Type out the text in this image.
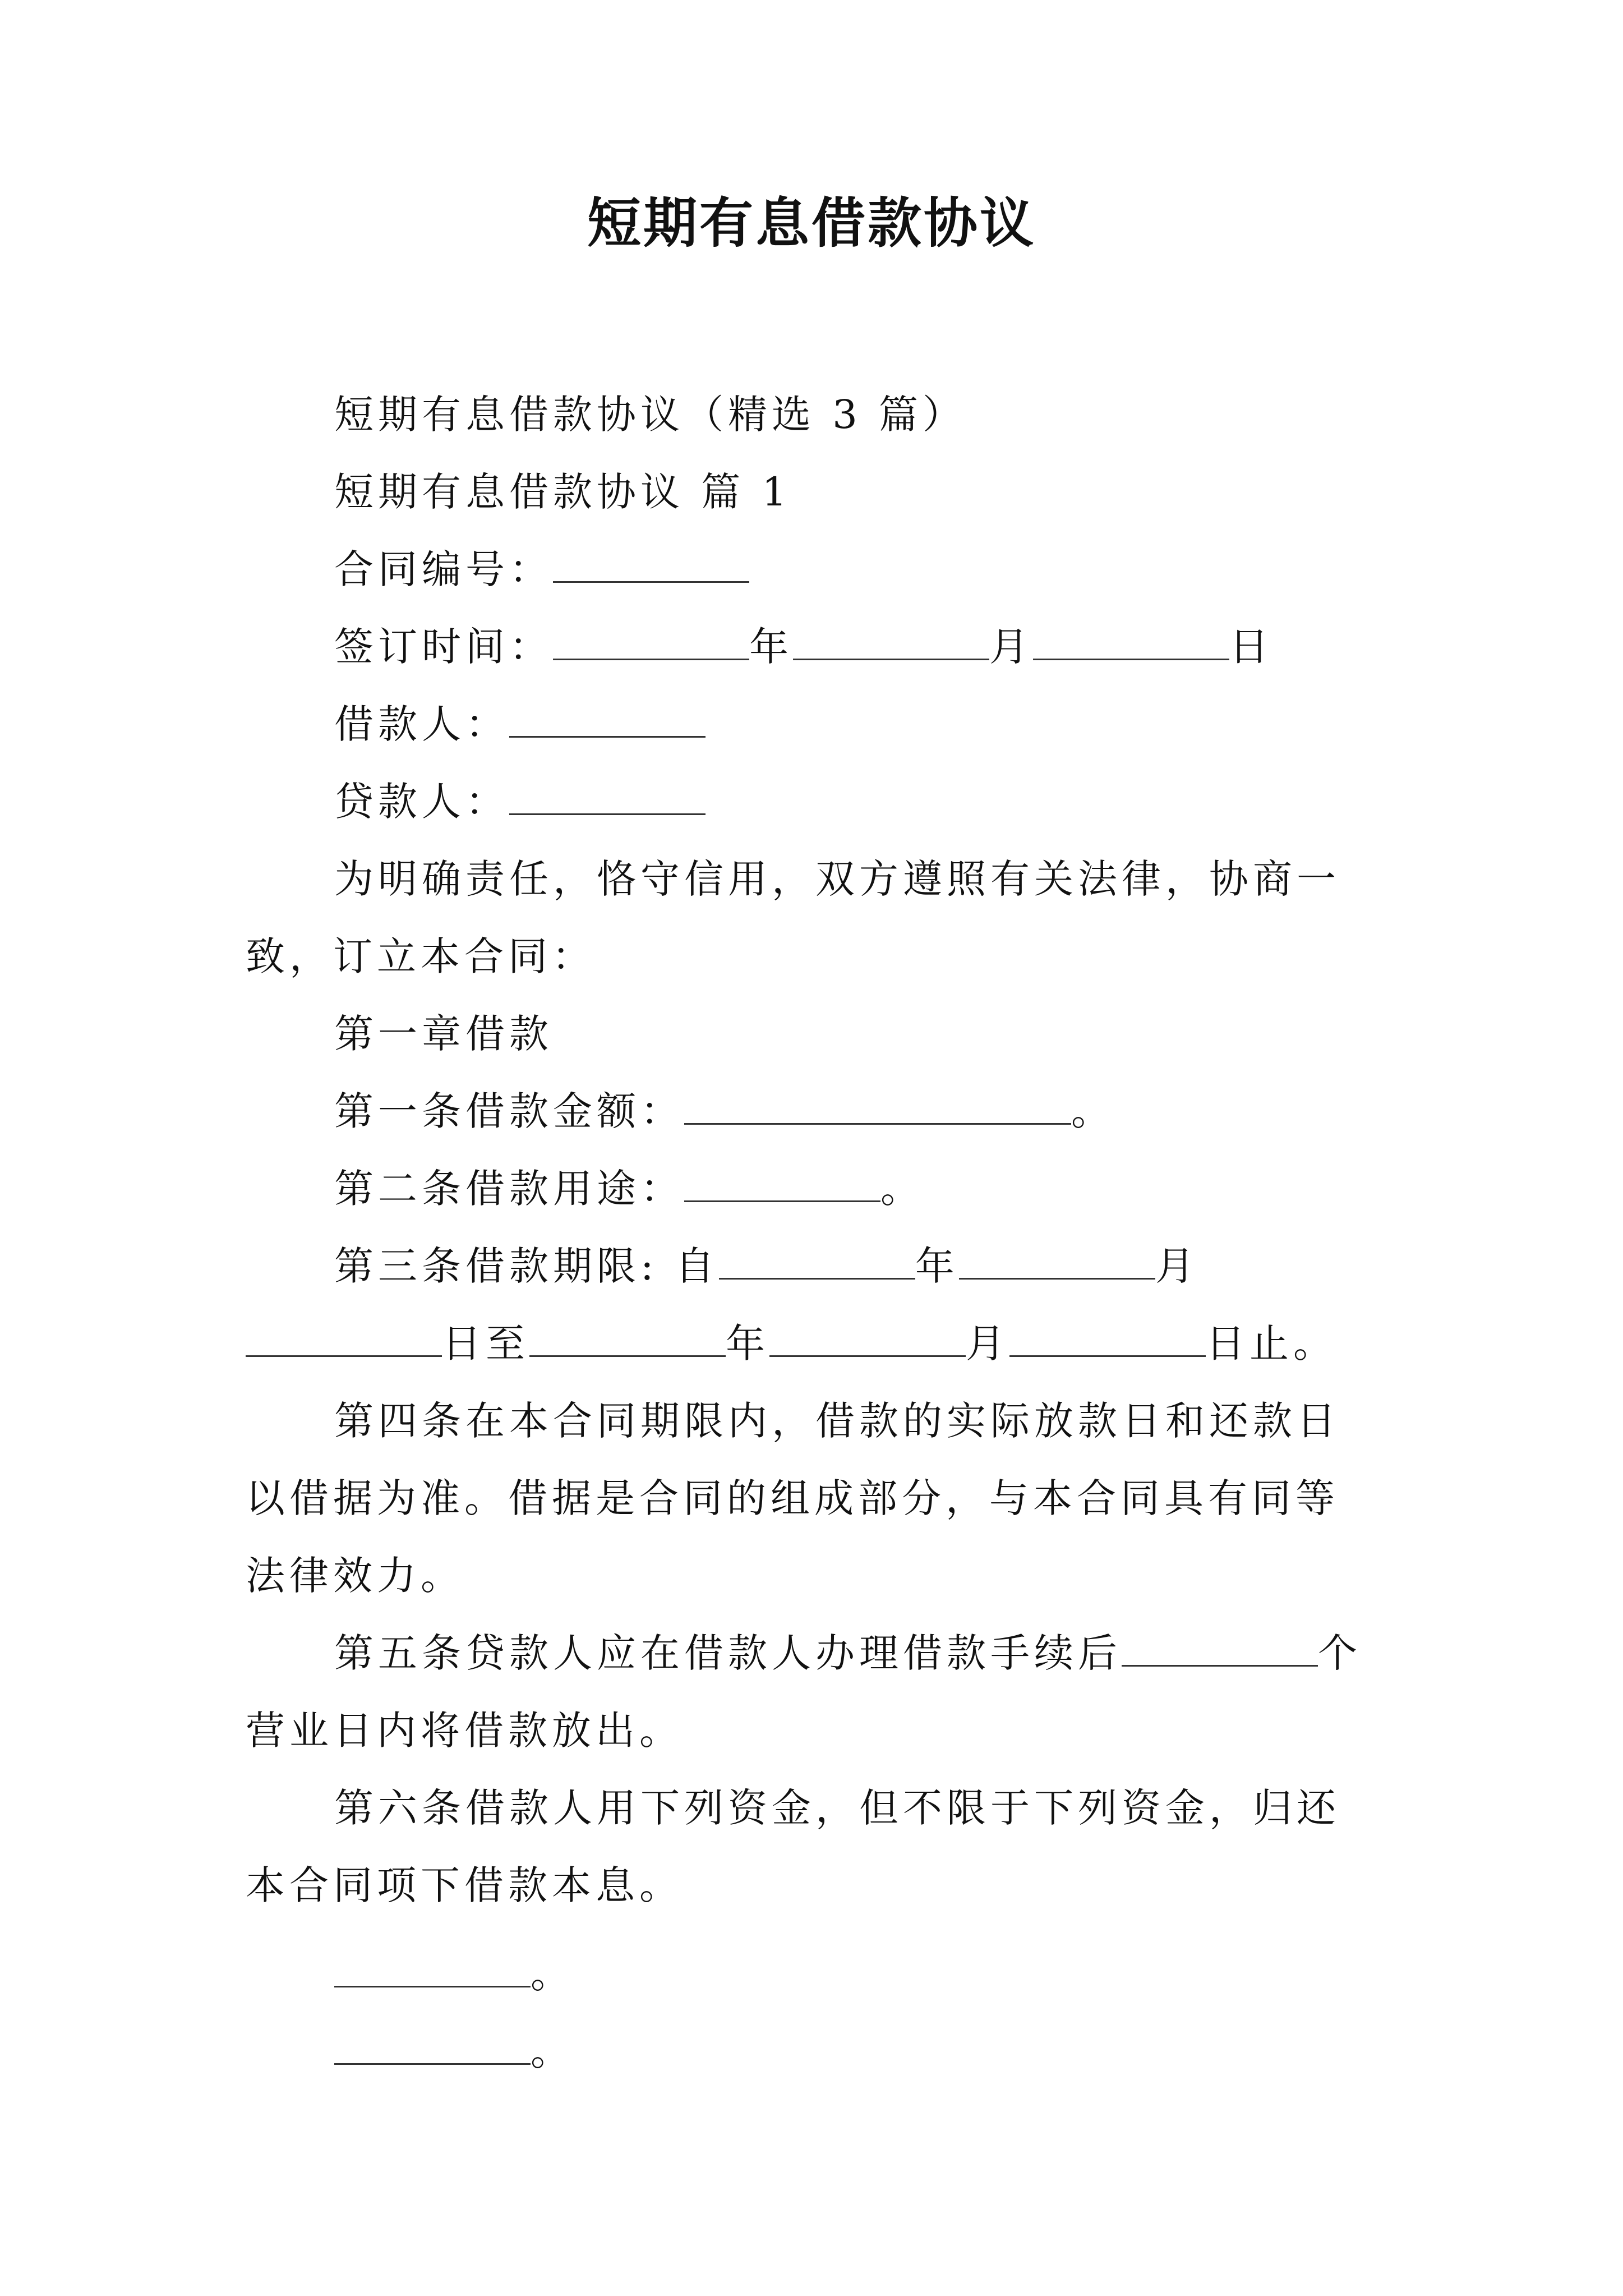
短期有息借款协议

短期有息借款协议（精选 3 篇）

短期有息借款协议 篇 1

合同编号：

签订时间：	年	月	日

借款人：

贷款人：

为明确责任，恪守信用，双方遵照有关法律，协商一致，订立本合同：

第一章借款

第一条借款金额：	。

第二条借款用途：	。

第三条借款期限: 自	年	月日至	年	月	日止。

第四条在本合同期限内，借款的实际放款日和还款日以借据为准。借据是合同的组成部分，与本合同具有同等法律效力。

第五条贷款人应在借款人办理借款手续后	个营业日内将借款放出。

第六条借款人用下列资金，但不限于下列资金，归还本合同项下借款本息。

。

。
